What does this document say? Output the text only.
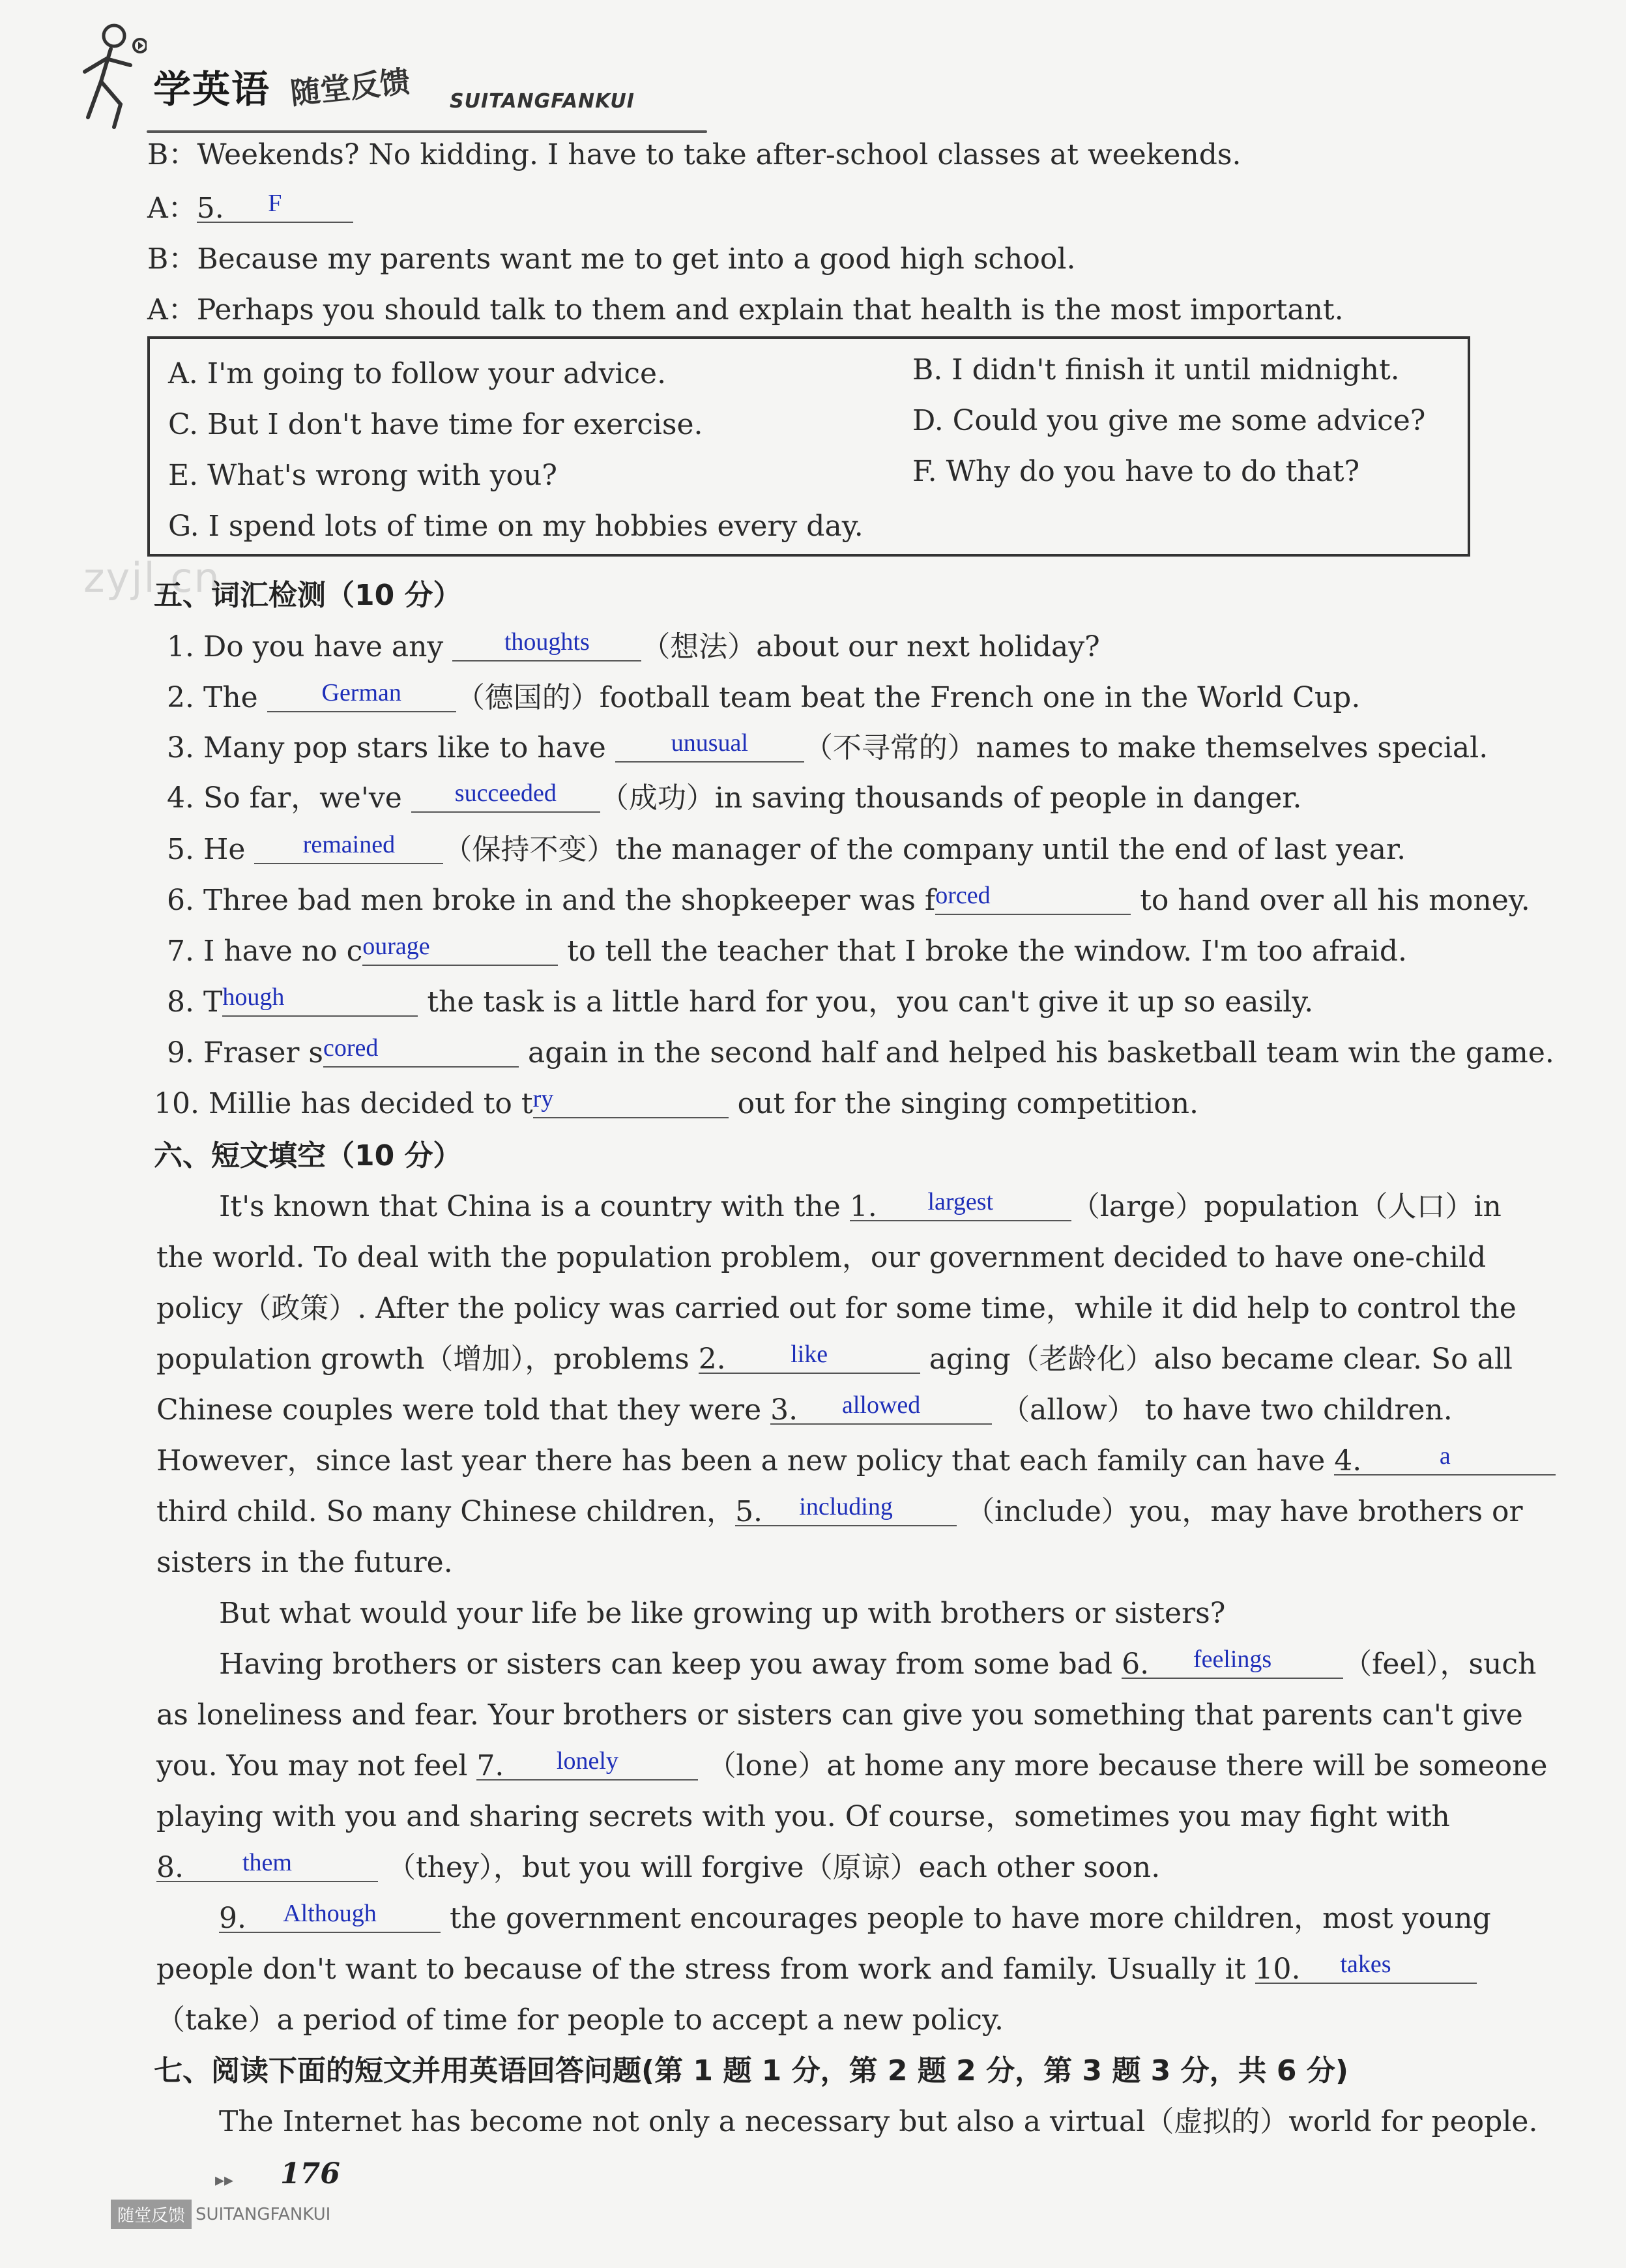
学英语 随堂反馈 SUITANGFANKUI
B：Weekends? No kidding. I have to take after-school classes at weekends.
A： 5. F
B：Because my parents want me to get into a good high school.
A：Perhaps you should talk to them and explain that health is the most important.
A. I'm going to follow your advice.	B. I didn't finish it until midnight.
C. But I don't have time for exercise.	D. Could you give me some advice?
E. What's wrong with you?	F. Why do you have to do that?
G. I spend lots of time on my hobbies every day.
zyjl.cn
五、词汇检测（10 分）
1. Do you have any thoughts （想法）about our next holiday?
2. The	German （德国的）football team beat the French one in the World Cup.
3. Many pop stars like to have	unusual （不寻常的）names to make themselves special.
4. So far，we've succeeded （成功）in saving thousands of people in danger.
5. He remained （保持不变）the manager of the company until the end of last year.
6. Three bad men broke in and the shopkeeper was forced	to hand over all his money.
7. I have no courage	to tell the teacher that I broke the window. I'm too afraid.
8. Though	the task is a little hard for you，you can't give it up so easily.
9. Fraser scored	again in the second half and helped his basketball team win the game.
10. Millie has decided to try	out for the singing competition.
六、短文填空（10 分）
It's known that China is a country with the 1. largest	（large）population（人口）in
the world. To deal with the population problem，our government decided to have one-child
policy（政策）. After the policy was carried out for some time，while it did help to control the
population growth（增加），problems 2.	like	aging（老龄化）also became clear. So all
Chinese couples were told that they were 3. allowed	（allow） to have two children.
However，since last year there has been a new policy that each family can have 4.	a
third child. So many Chinese children， 5. including	（include）you，may have brothers or
sisters in the future.
But what would your life be like growing up with brothers or sisters?
Having brothers or sisters can keep you away from some bad 6. feelings （feel），such
as loneliness and fear. Your brothers or sisters can give you something that parents can't give
you. You may not feel 7. lonely	（lone）at home any more because there will be someone
playing with you and sharing secrets with you. Of course，sometimes you may fight with
8. them	（they），but you will forgive（原谅）each other soon.
9. Although	the government encourages people to have more children，most young
people don't want to because of the stress from work and family. Usually it 10. takes
（take）a period of time for people to accept a new policy.
七、阅读下面的短文并用英语回答问题(第 1 题 1 分，第 2 题 2 分，第 3 题 3 分，共 6 分)
The Internet has become not only a necessary but also a virtual（虚拟的）world for people.
▸▸ 176
随堂反馈 SUITANGFANKUI
